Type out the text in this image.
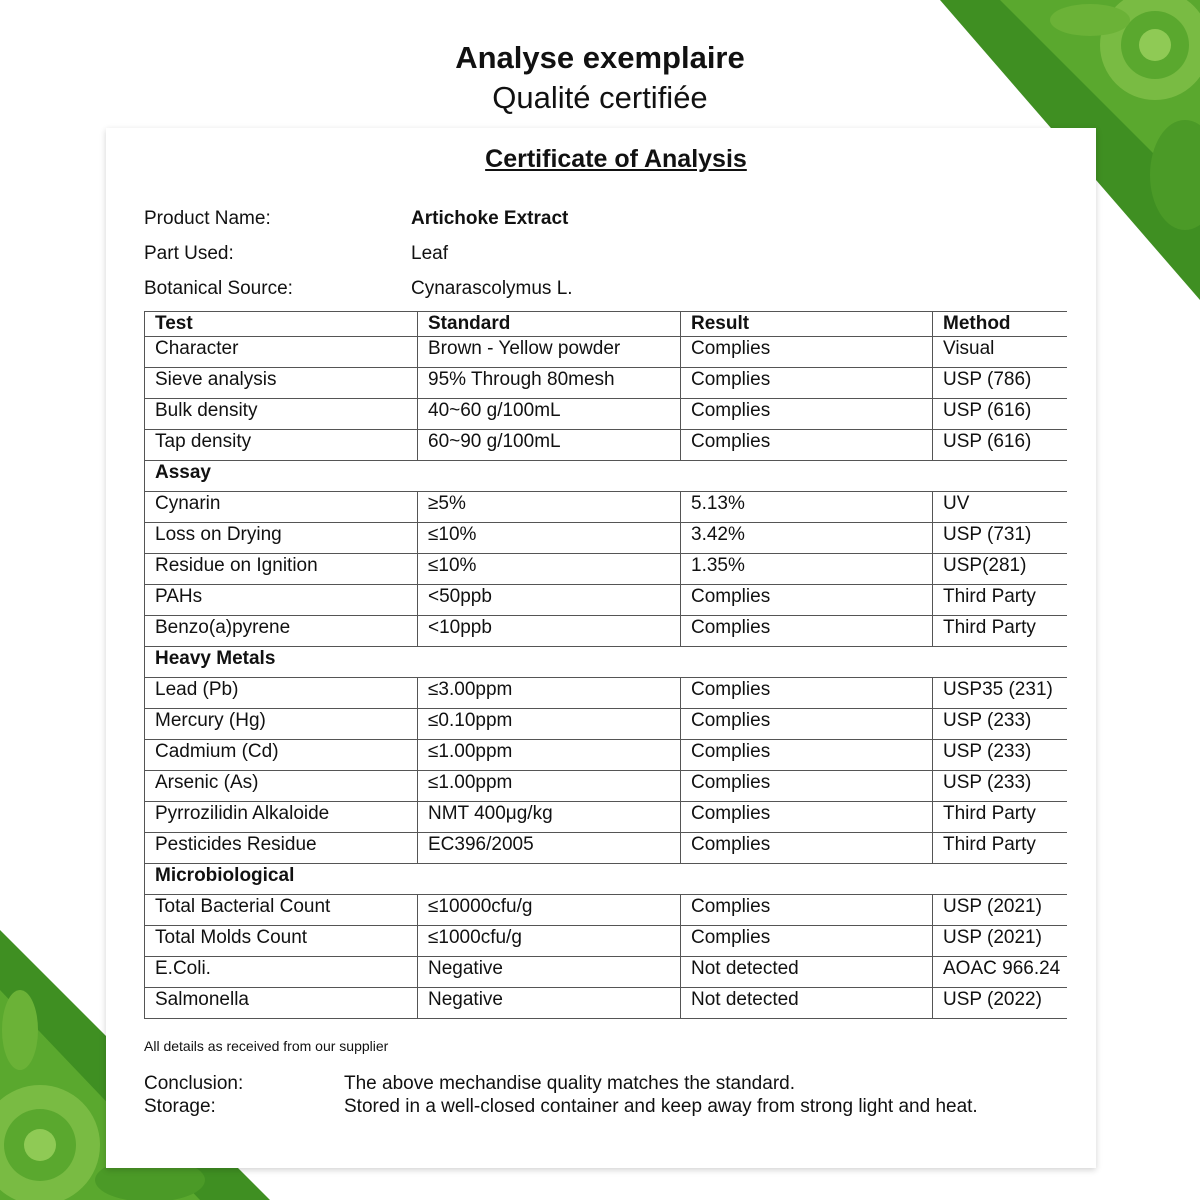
Analyse exemplaire
Qualité certifiée
Certificate of Analysis
Product Name:	Artichoke Extract
Part Used:	Leaf
Botanical Source:	Cynarascolymus L.
Test	Standard	Result	Method
Character	Brown - Yellow powder	Complies	Visual
Sieve analysis	95% Through 80mesh	Complies	USP (786)
Bulk density	40~60 g/100mL	Complies	USP (616)
Tap density	60~90 g/100mL	Complies	USP (616)
Assay			
Cynarin	≥5%	5.13%	UV
Loss on Drying	≤10%	3.42%	USP (731)
Residue on Ignition	≤10%	1.35%	USP(281)
PAHs	<50ppb	Complies	Third Party
Benzo(a)pyrene	<10ppb	Complies	Third Party
Heavy Metals			
Lead (Pb)	≤3.00ppm	Complies	USP35 (231)
Mercury (Hg)	≤0.10ppm	Complies	USP (233)
Cadmium (Cd)	≤1.00ppm	Complies	USP (233)
Arsenic (As)	≤1.00ppm	Complies	USP (233)
Pyrrozilidin Alkaloide	NMT 400μg/kg	Complies	Third Party
Pesticides Residue	EC396/2005	Complies	Third Party
Microbiological			
Total Bacterial Count	≤10000cfu/g	Complies	USP (2021)
Total Molds Count	≤1000cfu/g	Complies	USP (2021)
E.Coli.	Negative	Not detected	AOAC 966.24
Salmonella	Negative	Not detected	USP (2022)
All details as received from our supplier
Conclusion:	The above mechandise quality matches the standard.
Storage:	Stored in a well-closed container and keep away from strong light and heat.
